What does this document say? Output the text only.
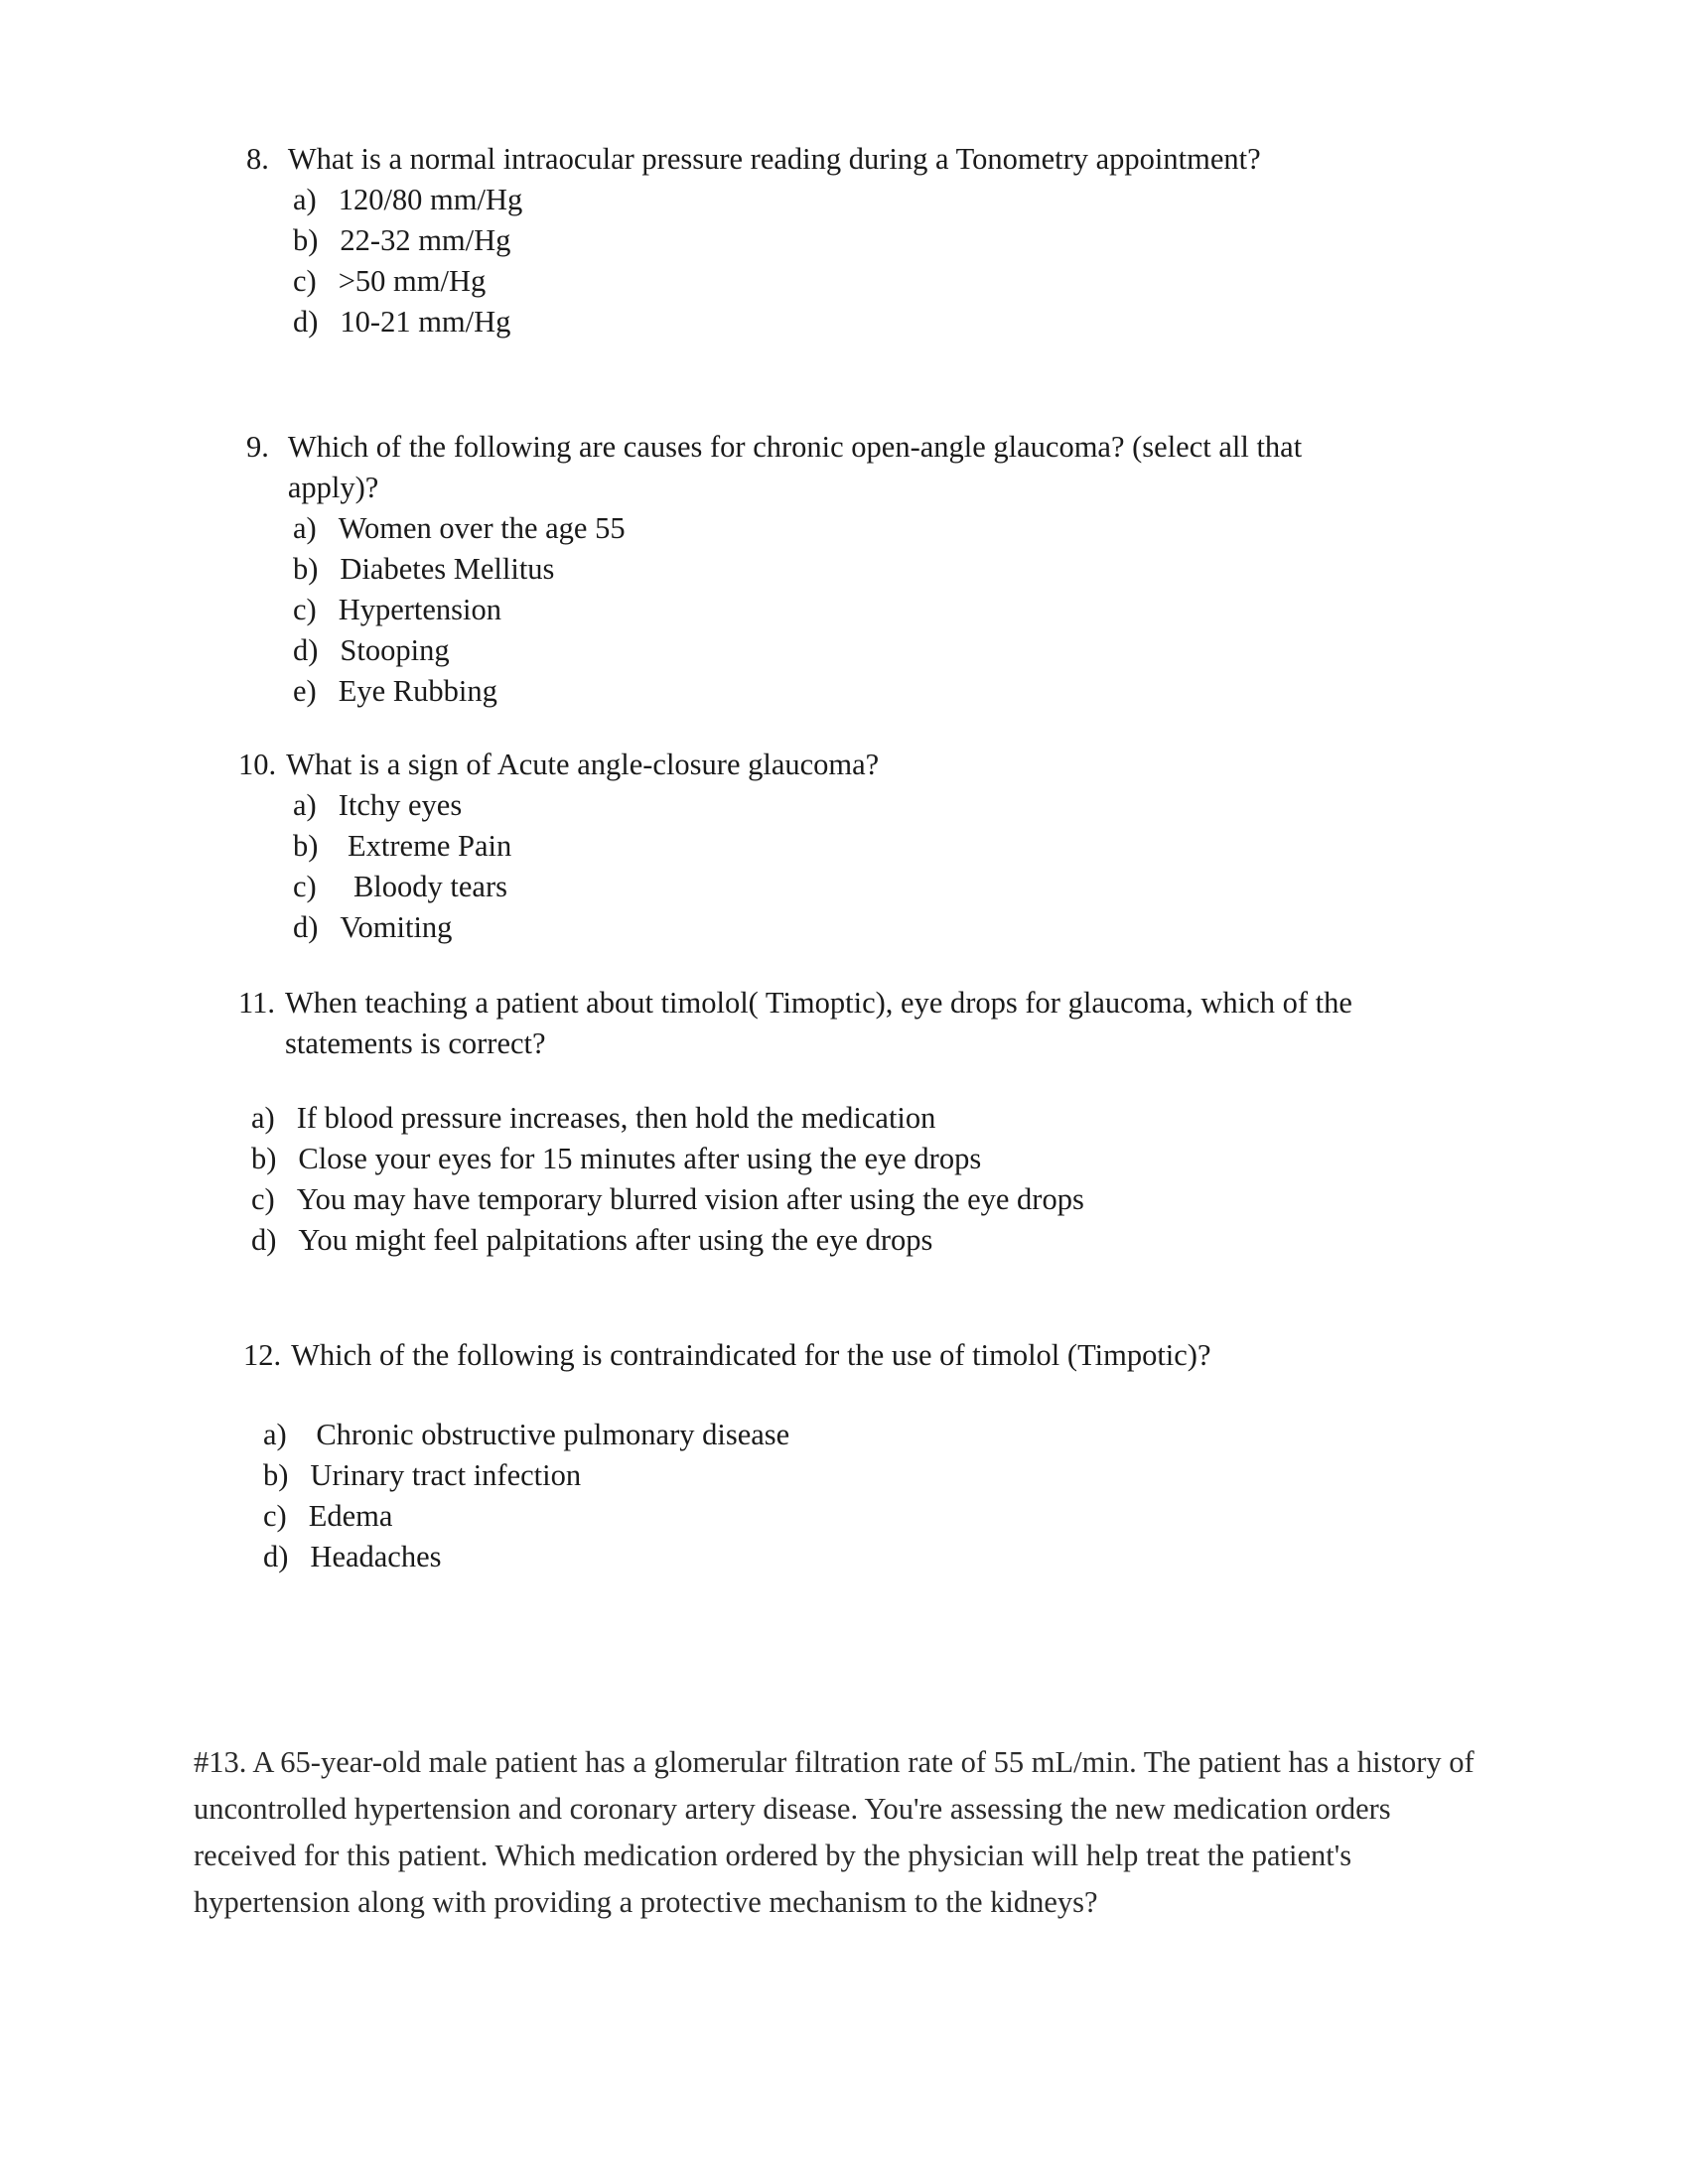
8. What is a normal intraocular pressure reading during a Tonometry appointment?
a) 120/80 mm/Hg
b) 22-32 mm/Hg
c) >50 mm/Hg
d) 10-21 mm/Hg
9. Which of the following are causes for chronic open-angle glaucoma? (select all that apply)?
a) Women over the age 55
b) Diabetes Mellitus
c) Hypertension
d) Stooping
e) Eye Rubbing
10. What is a sign of Acute angle-closure glaucoma?
a) Itchy eyes
b) Extreme Pain
c) Bloody tears
d) Vomiting
11. When teaching a patient about timolol( Timoptic), eye drops for glaucoma, which of the statements is correct?
a) If blood pressure increases, then hold the medication
b) Close your eyes for 15 minutes after using the eye drops
c) You may have temporary blurred vision after using the eye drops
d) You might feel palpitations after using the eye drops
12. Which of the following is contraindicated for the use of timolol (Timpotic)?
a) Chronic obstructive pulmonary disease
b) Urinary tract infection
c) Edema
d) Headaches

#13. A 65-year-old male patient has a glomerular filtration rate of 55 mL/min. The patient has a history of uncontrolled hypertension and coronary artery disease. You're assessing the new medication orders received for this patient. Which medication ordered by the physician will help treat the patient's hypertension along with providing a protective mechanism to the kidneys?
